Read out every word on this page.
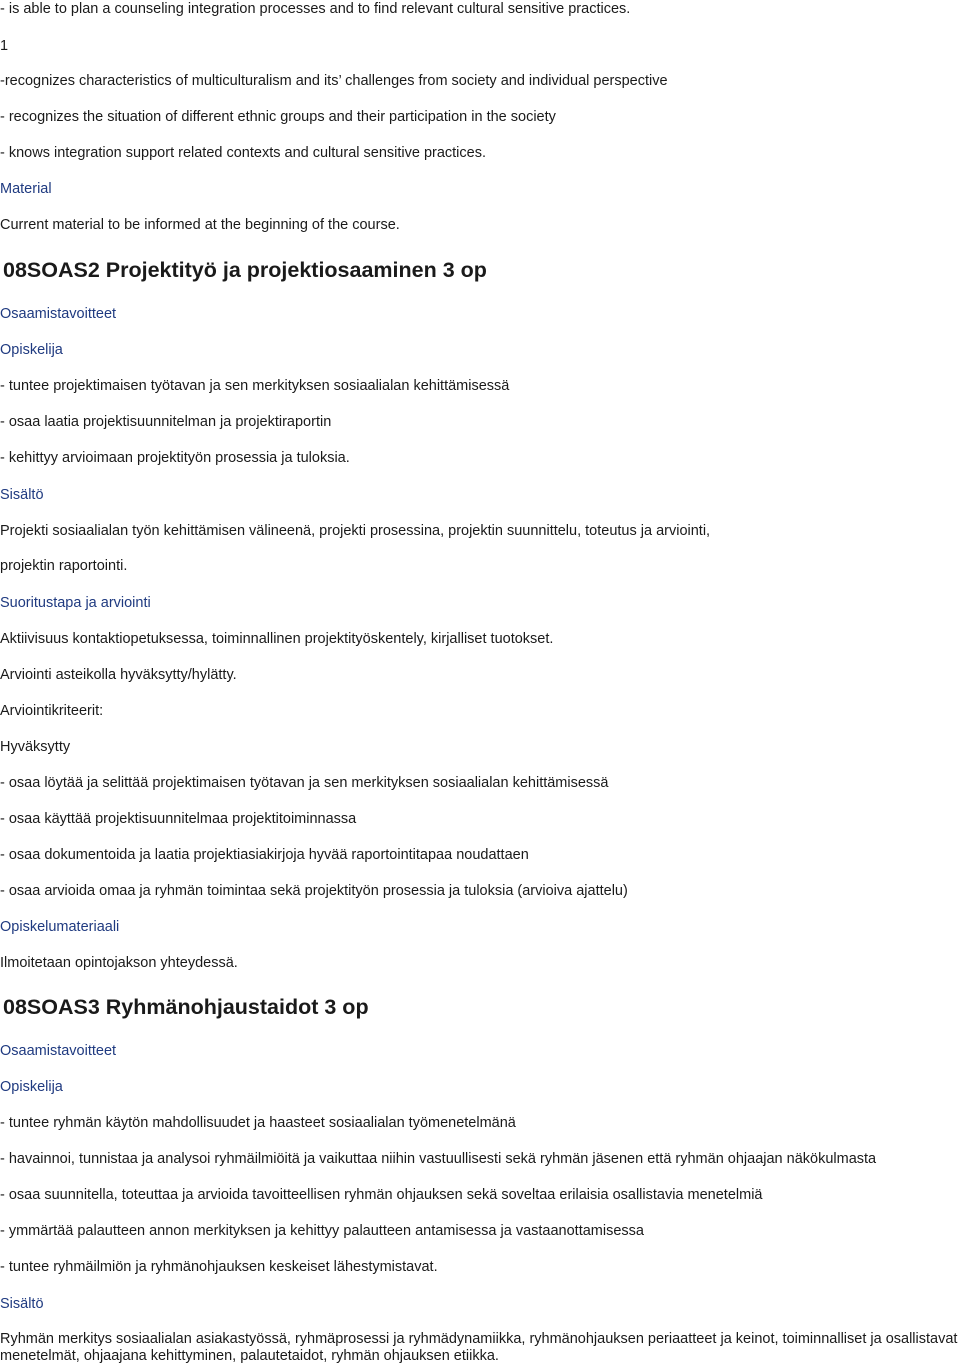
- is able to plan a counseling integration processes and to find relevant cultural sensitive practices.
1
-recognizes characteristics of multiculturalism and its’ challenges from society and individual perspective
- recognizes the situation of different ethnic groups and their participation in the society
- knows integration support related contexts and cultural sensitive practices.
Material
Current material to be informed at the beginning of the course.
08SOAS2 Projektityö ja projektiosaaminen 3 op
Osaamistavoitteet
Opiskelija
- tuntee projektimaisen työtavan ja sen merkityksen sosiaalialan kehittämisessä
- osaa laatia projektisuunnitelman ja projektiraportin
- kehittyy arvioimaan projektityön prosessia ja tuloksia.
Sisältö
Projekti sosiaalialan työn kehittämisen välineenä, projekti prosessina, projektin suunnittelu, toteutus ja arviointi,
projektin raportointi.
Suoritustapa ja arviointi
Aktiivisuus kontaktiopetuksessa, toiminnallinen projektityöskentely, kirjalliset tuotokset.
Arviointi asteikolla hyväksytty/hylätty.
Arviointikriteerit:
Hyväksytty
- osaa löytää ja selittää projektimaisen työtavan ja sen merkityksen sosiaalialan kehittämisessä
- osaa käyttää projektisuunnitelmaa projektitoiminnassa
- osaa dokumentoida ja laatia projektiasiakirjoja hyvää raportointitapaa noudattaen
- osaa arvioida omaa ja ryhmän toimintaa sekä projektityön prosessia ja tuloksia (arvioiva ajattelu)
Opiskelumateriaali
Ilmoitetaan opintojakson yhteydessä.
08SOAS3 Ryhmänohjaustaidot 3 op
Osaamistavoitteet
Opiskelija
- tuntee ryhmän käytön mahdollisuudet ja haasteet sosiaalialan työmenetelmänä
- havainnoi, tunnistaa ja analysoi ryhmäilmiöitä ja vaikuttaa niihin vastuullisesti sekä ryhmän jäsenen että ryhmän ohjaajan näkökulmasta
- osaa suunnitella, toteuttaa ja arvioida tavoitteellisen ryhmän ohjauksen sekä soveltaa erilaisia osallistavia menetelmiä
- ymmärtää palautteen annon merkityksen ja kehittyy palautteen antamisessa ja vastaanottamisessa
- tuntee ryhmäilmiön ja ryhmänohjauksen keskeiset lähestymistavat.
Sisältö
Ryhmän merkitys sosiaalialan asiakastyössä, ryhmäprosessi ja ryhmädynamiikka, ryhmänohjauksen periaatteet ja keinot, toiminnalliset ja osallistavat menetelmät, ohjaajana kehittyminen, palautetaidot, ryhmän ohjauksen etiikka.
